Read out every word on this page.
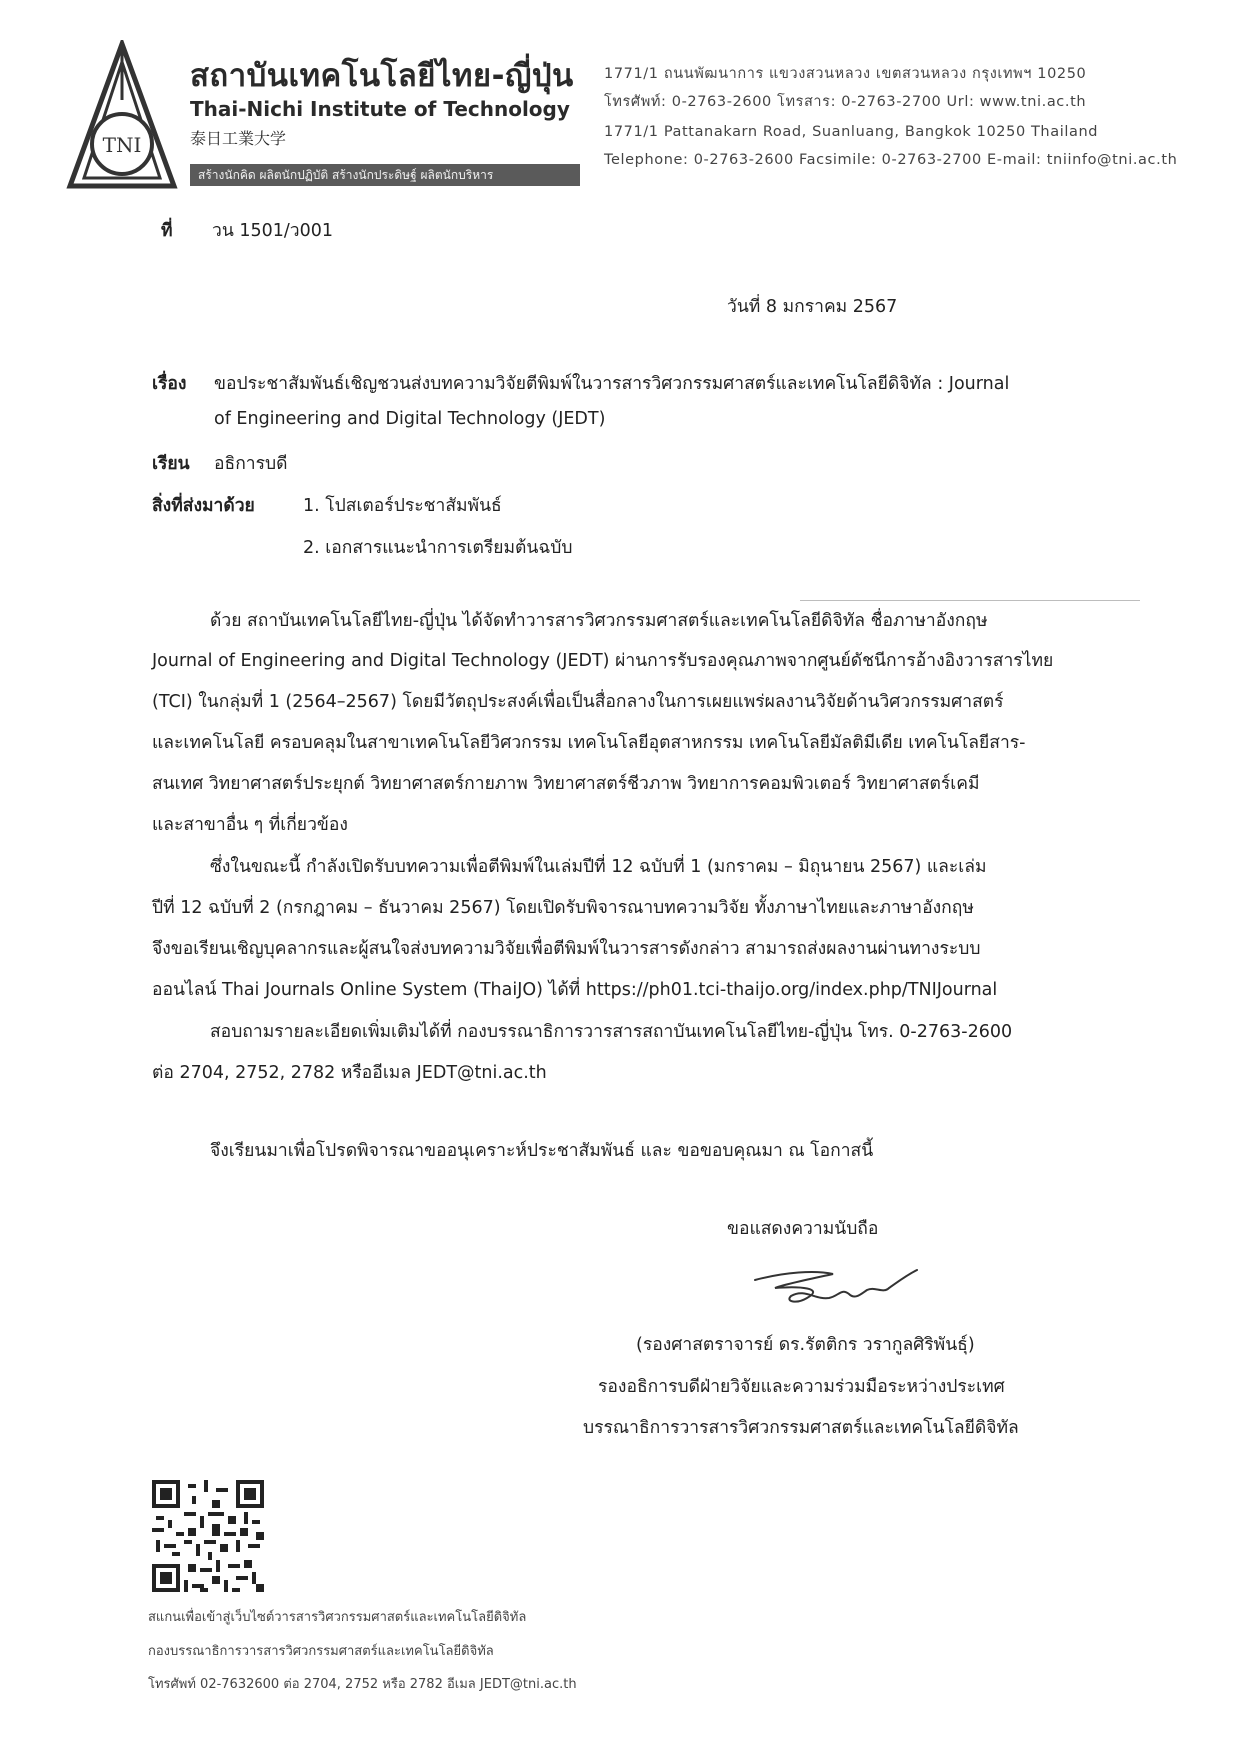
TNI
สถาบันเทคโนโลยีไทย-ญี่ปุ่น
Thai-Nichi Institute of Technology
泰日工業大学
สร้างนักคิด ผลิตนักปฏิบัติ สร้างนักประดิษฐ์ ผลิตนักบริหาร
1771/1 ถนนพัฒนาการ แขวงสวนหลวง เขตสวนหลวง กรุงเทพฯ 10250
โทรศัพท์: 0-2763-2600 โทรสาร: 0-2763-2700 Url: www.tni.ac.th
1771/1 Pattanakarn Road, Suanluang, Bangkok 10250 Thailand
Telephone: 0-2763-2600 Facsimile: 0-2763-2700 E-mail: tniinfo@tni.ac.th
ที่ วน 1501/ว001
วันที่ 8 มกราคม 2567
เรื่อง ขอประชาสัมพันธ์เชิญชวนส่งบทความวิจัยตีพิมพ์ในวารสารวิศวกรรมศาสตร์และเทคโนโลยีดิจิทัล : Journal
of Engineering and Digital Technology (JEDT)
เรียน อธิการบดี
สิ่งที่ส่งมาด้วย	1. โปสเตอร์ประชาสัมพันธ์
2. เอกสารแนะนำการเตรียมต้นฉบับ
ด้วย สถาบันเทคโนโลยีไทย-ญี่ปุ่น ได้จัดทำวารสารวิศวกรรมศาสตร์และเทคโนโลยีดิจิทัล ชื่อภาษาอังกฤษ
Journal of Engineering and Digital Technology (JEDT) ผ่านการรับรองคุณภาพจากศูนย์ดัชนีการอ้างอิงวารสารไทย
(TCI) ในกลุ่มที่ 1 (2564–2567) โดยมีวัตถุประสงค์เพื่อเป็นสื่อกลางในการเผยแพร่ผลงานวิจัยด้านวิศวกรรมศาสตร์
และเทคโนโลยี ครอบคลุมในสาขาเทคโนโลยีวิศวกรรม เทคโนโลยีอุตสาหกรรม เทคโนโลยีมัลติมีเดีย เทคโนโลยีสาร-
สนเทศ วิทยาศาสตร์ประยุกต์ วิทยาศาสตร์กายภาพ วิทยาศาสตร์ชีวภาพ วิทยาการคอมพิวเตอร์ วิทยาศาสตร์เคมี
และสาขาอื่น ๆ ที่เกี่ยวข้อง
ซึ่งในขณะนี้ กำลังเปิดรับบทความเพื่อตีพิมพ์ในเล่มปีที่ 12 ฉบับที่ 1 (มกราคม – มิถุนายน 2567) และเล่ม
ปีที่ 12 ฉบับที่ 2 (กรกฎาคม – ธันวาคม 2567) โดยเปิดรับพิจารณาบทความวิจัย ทั้งภาษาไทยและภาษาอังกฤษ
จึงขอเรียนเชิญบุคลากรและผู้สนใจส่งบทความวิจัยเพื่อตีพิมพ์ในวารสารดังกล่าว สามารถส่งผลงานผ่านทางระบบ
ออนไลน์ Thai Journals Online System (ThaiJO) ได้ที่ https://ph01.tci-thaijo.org/index.php/TNIJournal
สอบถามรายละเอียดเพิ่มเติมได้ที่ กองบรรณาธิการวารสารสถาบันเทคโนโลยีไทย-ญี่ปุ่น โทร. 0-2763-2600
ต่อ 2704, 2752, 2782 หรืออีเมล JEDT@tni.ac.th
จึงเรียนมาเพื่อโปรดพิจารณาขออนุเคราะห์ประชาสัมพันธ์ และ ขอขอบคุณมา ณ โอกาสนี้
ขอแสดงความนับถือ
(รองศาสตราจารย์ ดร.รัตติกร วรากูลศิริพันธุ์)
รองอธิการบดีฝ่ายวิจัยและความร่วมมือระหว่างประเทศ
บรรณาธิการวารสารวิศวกรรมศาสตร์และเทคโนโลยีดิจิทัล
สแกนเพื่อเข้าสู่เว็บไซต์วารสารวิศวกรรมศาสตร์และเทคโนโลยีดิจิทัล
กองบรรณาธิการวารสารวิศวกรรมศาสตร์และเทคโนโลยีดิจิทัล
โทรศัพท์ 02-7632600 ต่อ 2704, 2752 หรือ 2782 อีเมล JEDT@tni.ac.th
